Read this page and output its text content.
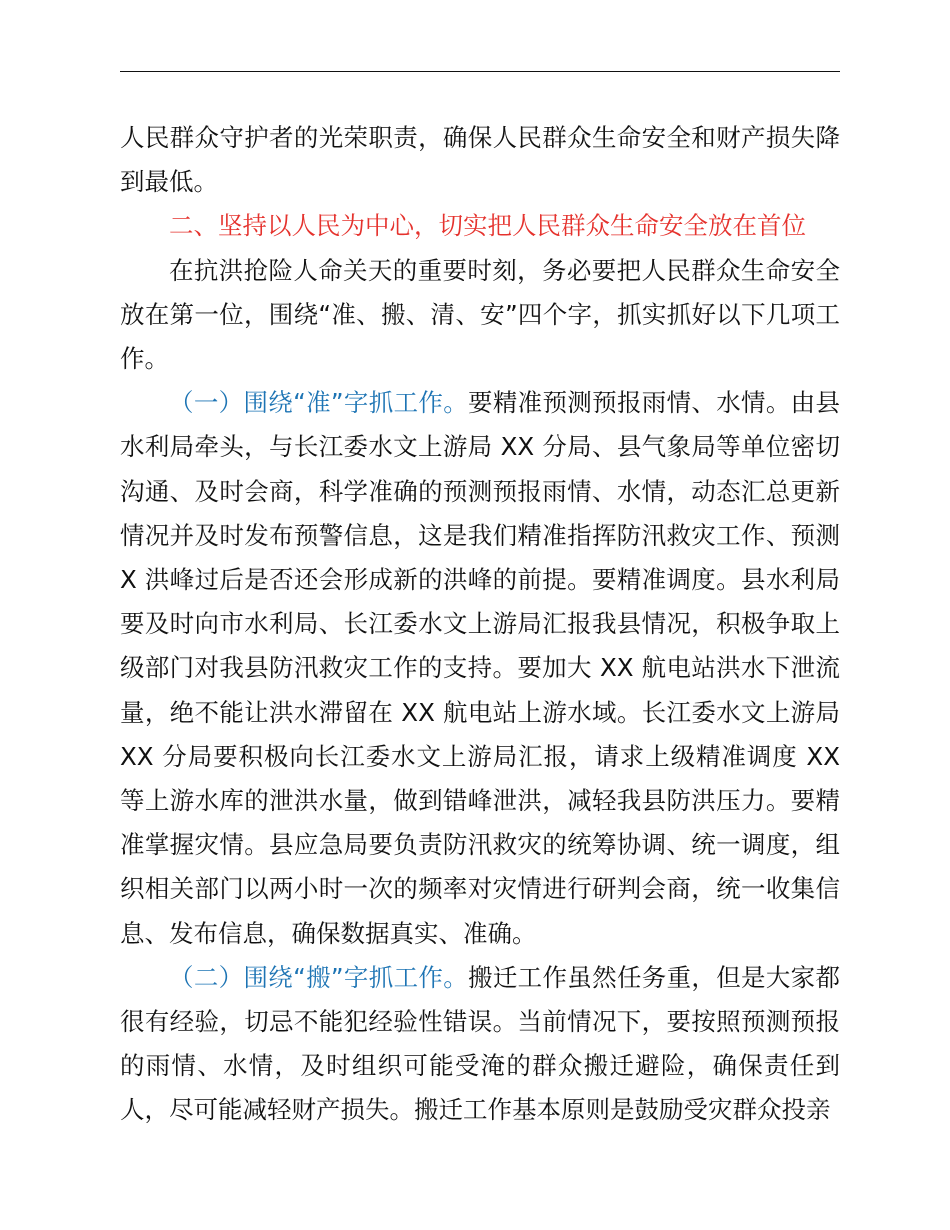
人民群众守护者的光荣职责，确保人民群众生命安全和财产损失降到最低。

二、坚持以人民为中心，切实把人民群众生命安全放在首位

在抗洪抢险人命关天的重要时刻，务必要把人民群众生命安全放在第一位，围绕“准、搬、清、安”四个字，抓实抓好以下几项工作。

（一）围绕“准”字抓工作。要精准预测预报雨情、水情。由县水利局牵头，与长江委水文上游局 XX 分局、县气象局等单位密切沟通、及时会商，科学准确的预测预报雨情、水情，动态汇总更新情况并及时发布预警信息，这是我们精准指挥防汛救灾工作、预测 X 洪峰过后是否还会形成新的洪峰的前提。要精准调度。县水利局要及时向市水利局、长江委水文上游局汇报我县情况，积极争取上级部门对我县防汛救灾工作的支持。要加大 XX 航电站洪水下泄流量，绝不能让洪水滞留在 XX 航电站上游水域。长江委水文上游局 XX 分局要积极向长江委水文上游局汇报，请求上级精准调度 XX 等上游水库的泄洪水量，做到错峰泄洪，减轻我县防洪压力。要精准掌握灾情。县应急局要负责防汛救灾的统筹协调、统一调度，组织相关部门以两小时一次的频率对灾情进行研判会商，统一收集信息、发布信息，确保数据真实、准确。

（二）围绕“搬”字抓工作。搬迁工作虽然任务重，但是大家都很有经验，切忌不能犯经验性错误。当前情况下，要按照预测预报的雨情、水情，及时组织可能受淹的群众搬迁避险，确保责任到人，尽可能减轻财产损失。搬迁工作基本原则是鼓励受灾群众投亲
